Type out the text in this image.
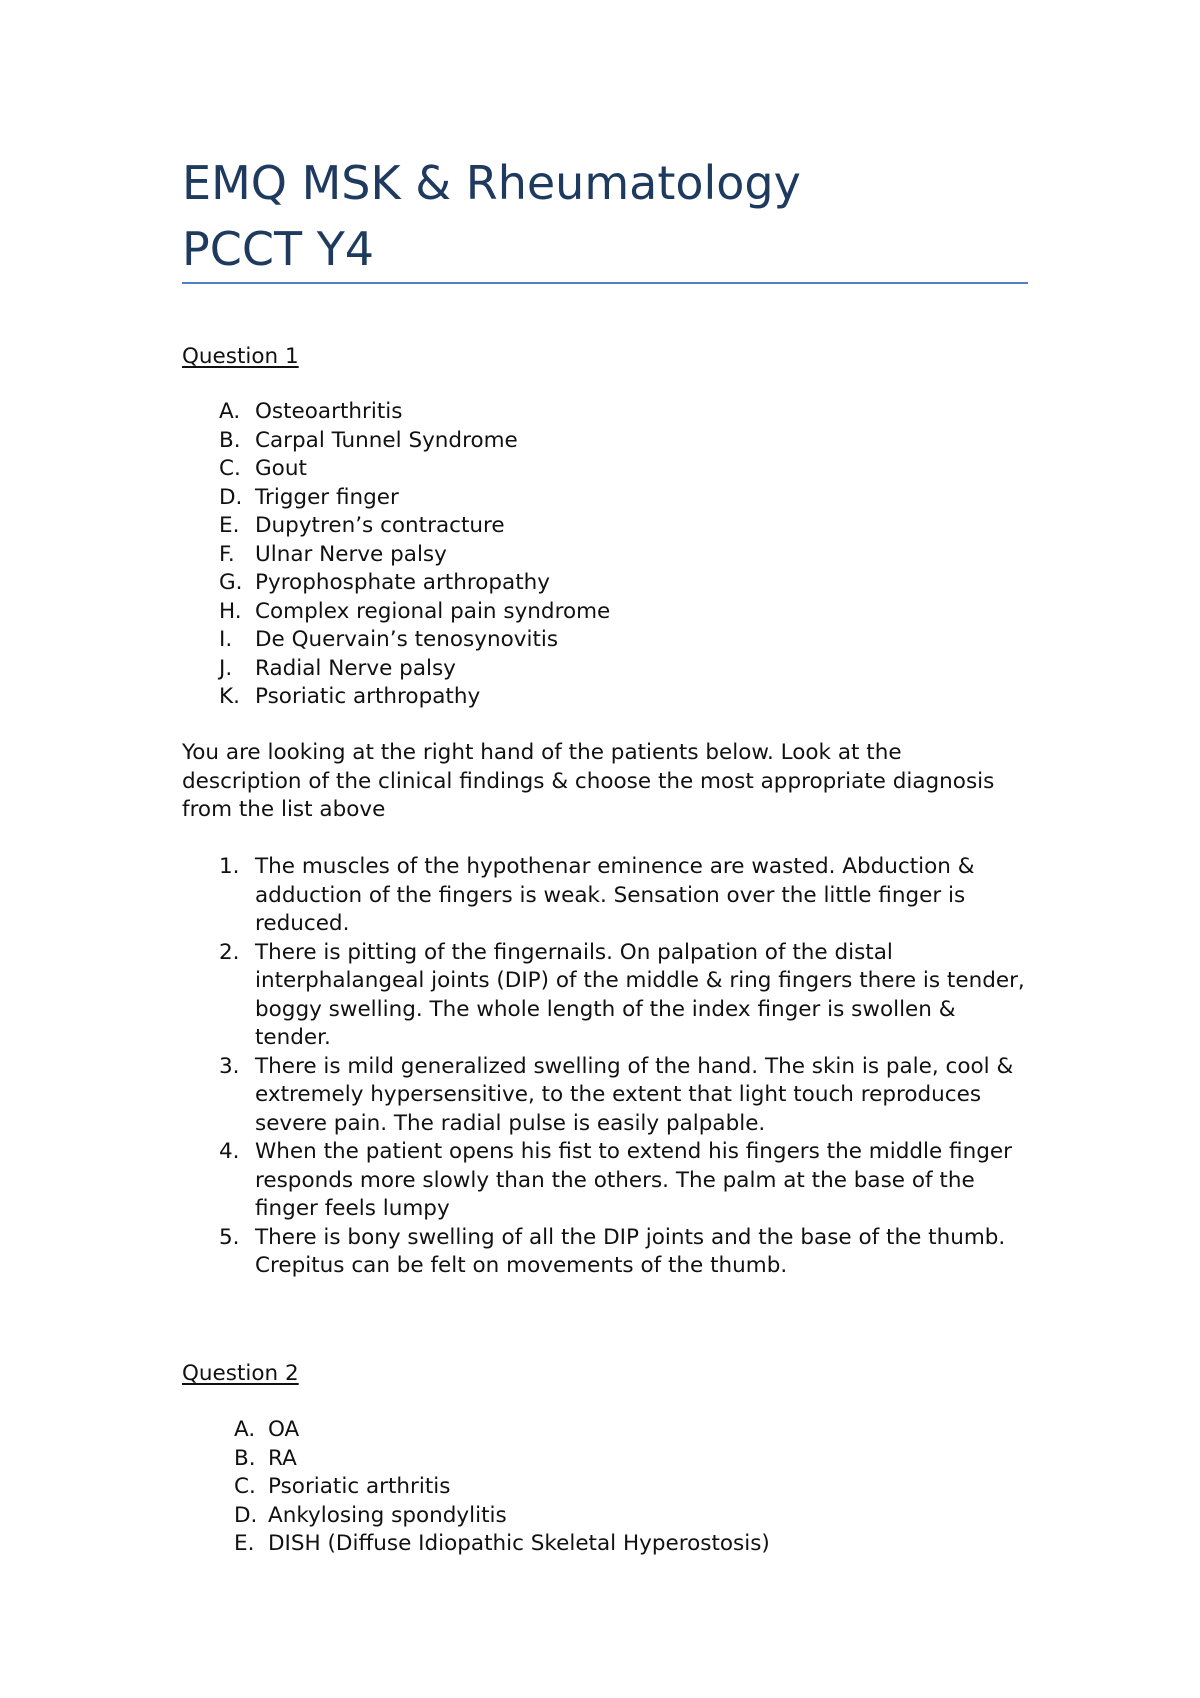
EMQ MSK & Rheumatology
PCCT Y4
Question 1
A. Osteoarthritis
B. Carpal Tunnel Syndrome
C. Gout
D. Trigger finger
E. Dupytren’s contracture
F. Ulnar Nerve palsy
G. Pyrophosphate arthropathy
H. Complex regional pain syndrome
I. De Quervain’s tenosynovitis
J. Radial Nerve palsy
K. Psoriatic arthropathy

You are looking at the right hand of the patients below. Look at the description of the clinical findings & choose the most appropriate diagnosis from the list above

1. The muscles of the hypothenar eminence are wasted. Abduction & adduction of the fingers is weak. Sensation over the little finger is reduced.
2. There is pitting of the fingernails. On palpation of the distal interphalangeal joints (DIP) of the middle & ring fingers there is tender, boggy swelling. The whole length of the index finger is swollen & tender.
3. There is mild generalized swelling of the hand. The skin is pale, cool & extremely hypersensitive, to the extent that light touch reproduces severe pain. The radial pulse is easily palpable.
4. When the patient opens his fist to extend his fingers the middle finger responds more slowly than the others. The palm at the base of the finger feels lumpy
5. There is bony swelling of all the DIP joints and the base of the thumb. Crepitus can be felt on movements of the thumb.
Question 2
A. OA
B. RA
C. Psoriatic arthritis
D. Ankylosing spondylitis
E. DISH (Diffuse Idiopathic Skeletal Hyperostosis)
